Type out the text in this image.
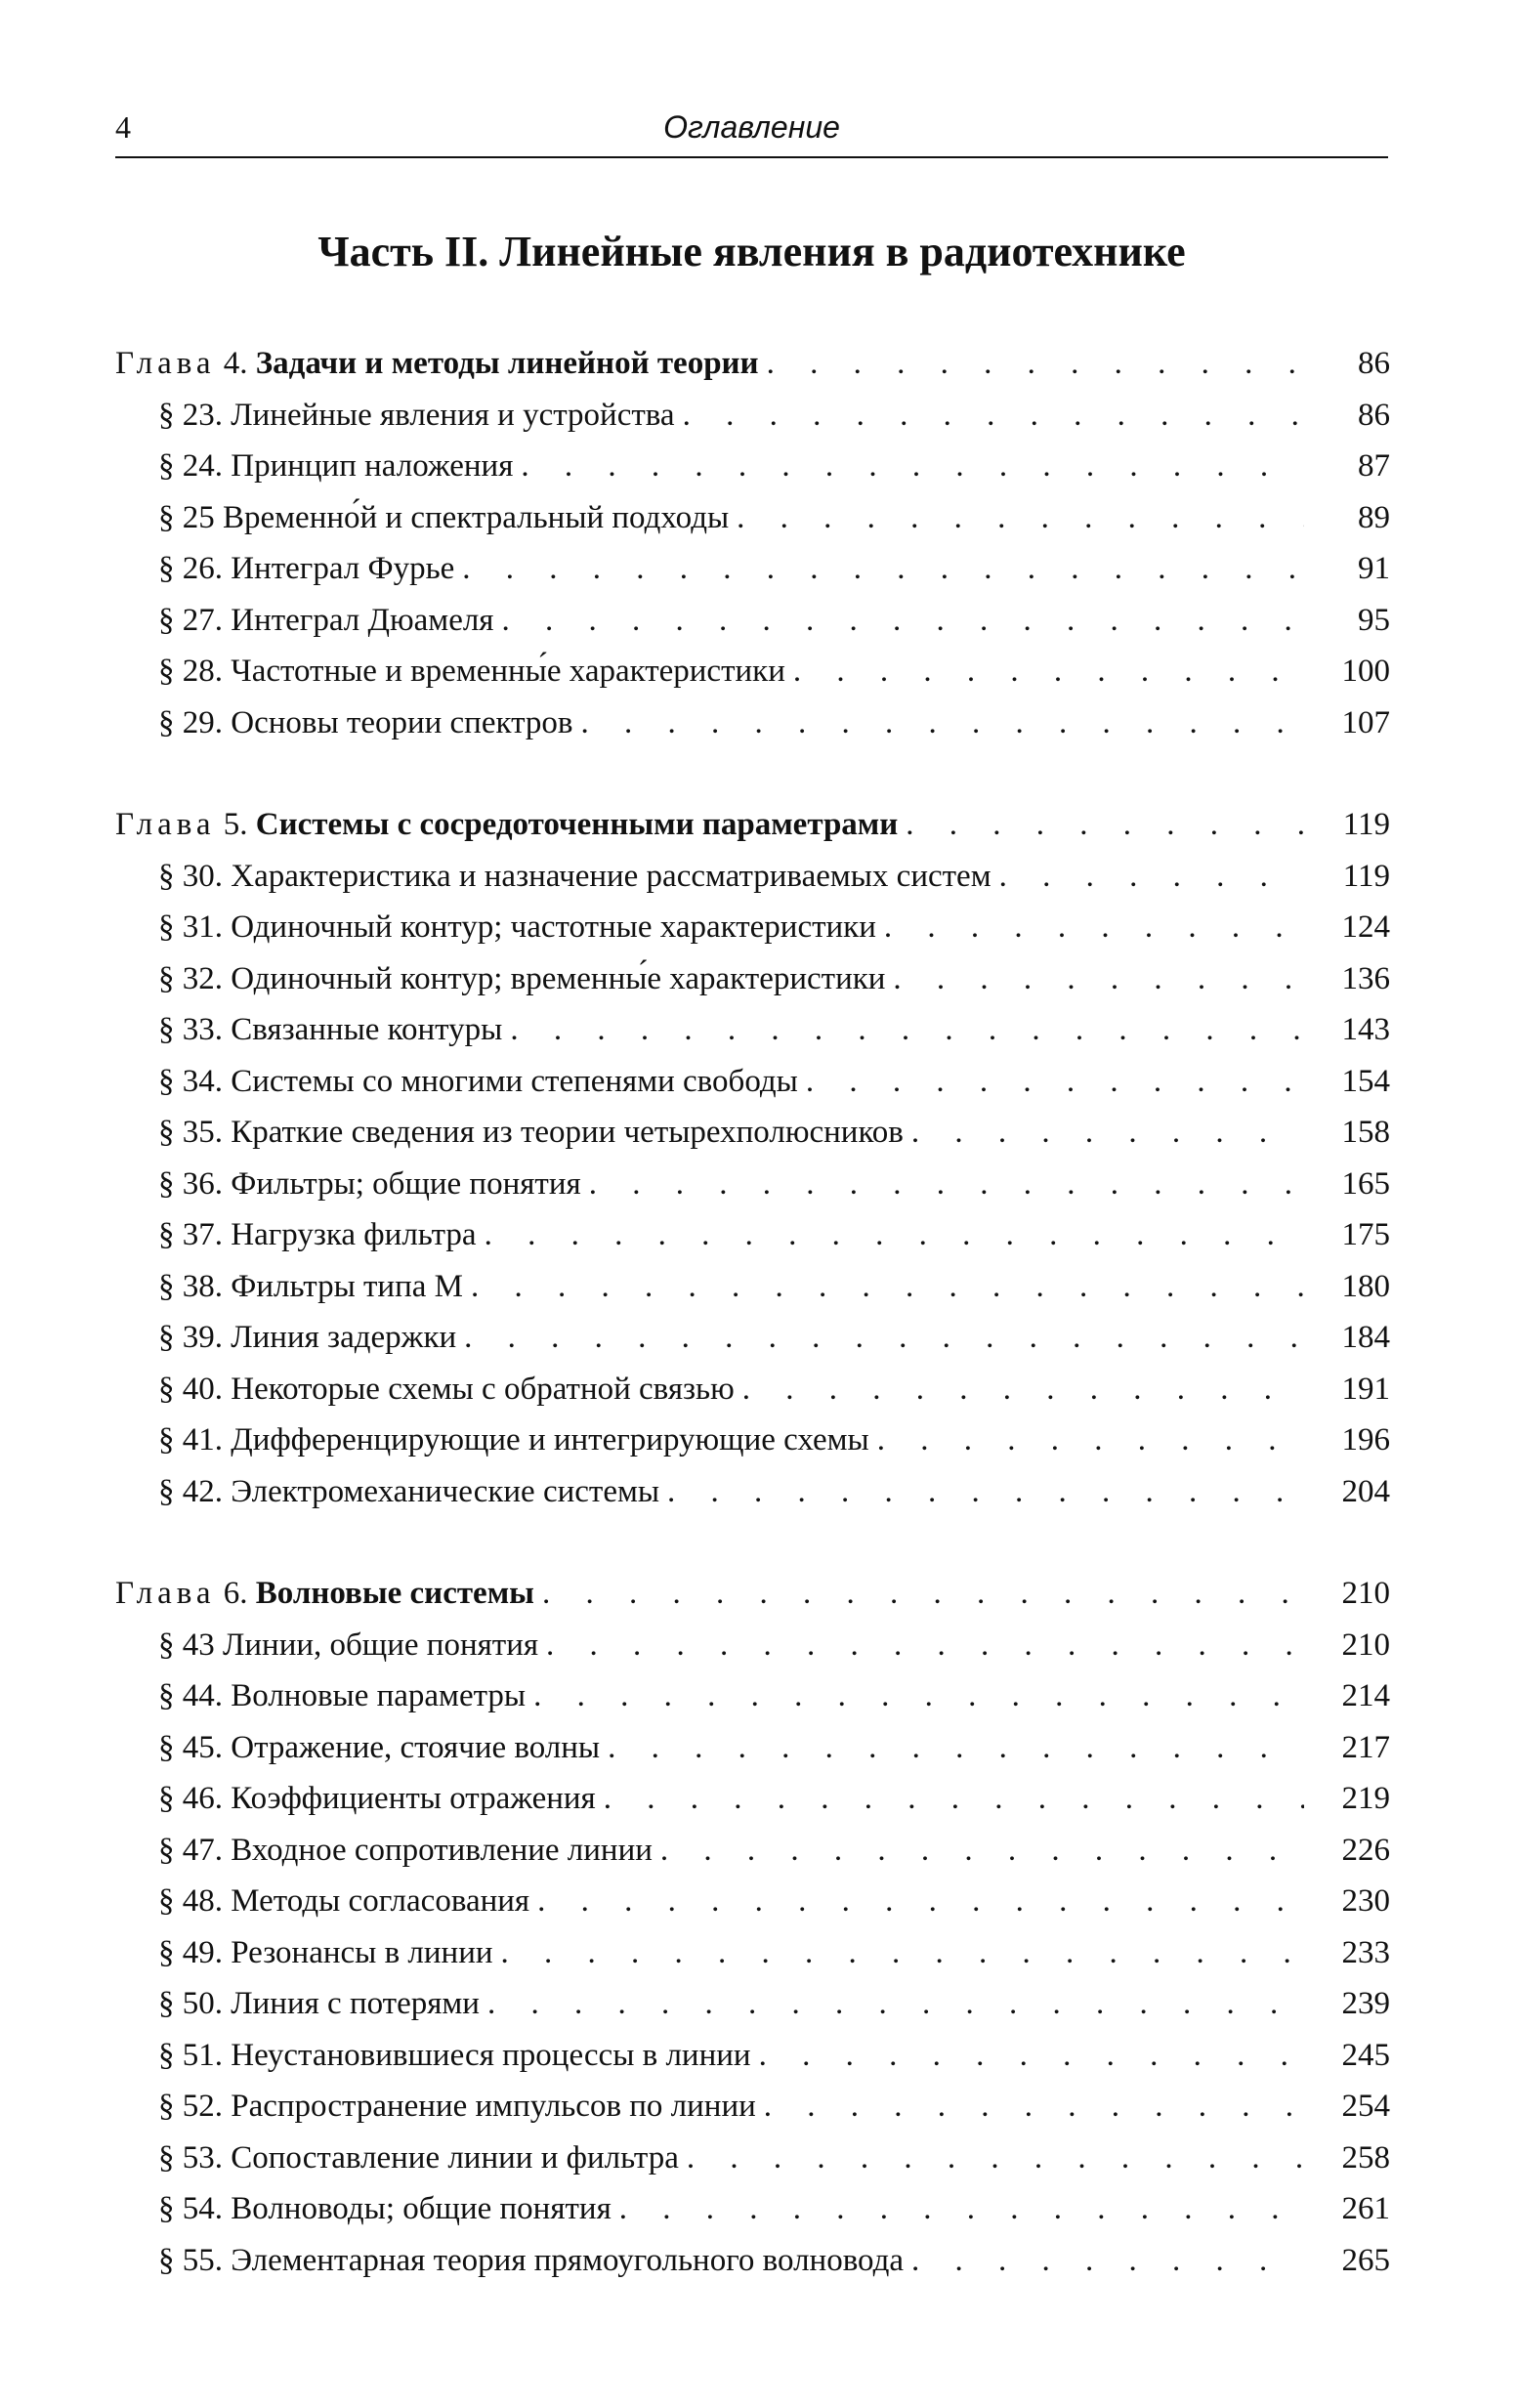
4	Оглавление
Часть II. Линейные явления в радиотехнике
Глава 4. Задачи и методы линейной теории . . .	86
§ 23. Линейные явления и устройства . . .	86
§ 24. Принцип наложения . . .	87
§ 25 Временно́й и спектральный подходы . . .	89
§ 26. Интеграл Фурье . . .	91
§ 27. Интеграл Дюамеля . . .	95
§ 28. Частотные и временны́е характеристики . . .	100
§ 29. Основы теории спектров . . .	107
Глава 5. Системы с сосредоточенными параметрами . . .	119
§ 30. Характеристика и назначение рассматриваемых систем . . .	119
§ 31. Одиночный контур; частотные характеристики . . .	124
§ 32. Одиночный контур; временны́е характеристики . . .	136
§ 33. Связанные контуры . . .	143
§ 34. Системы со многими степенями свободы . . .	154
§ 35. Краткие сведения из теории четырехполюсников . . .	158
§ 36. Фильтры; общие понятия . . .	165
§ 37. Нагрузка фильтра . . .	175
§ 38. Фильтры типа M . . .	180
§ 39. Линия задержки . . .	184
§ 40. Некоторые схемы с обратной связью . . .	191
§ 41. Дифференцирующие и интегрирующие схемы . . .	196
§ 42. Электромеханические системы . . .	204
Глава 6. Волновые системы . . .	210
§ 43 Линии, общие понятия . . .	210
§ 44. Волновые параметры . . .	214
§ 45. Отражение, стоячие волны . . .	217
§ 46. Коэффициенты отражения . . .	219
§ 47. Входное сопротивление линии . . .	226
§ 48. Методы согласования . . .	230
§ 49. Резонансы в линии . . .	233
§ 50. Линия с потерями . . .	239
§ 51. Неустановившиеся процессы в линии . . .	245
§ 52. Распространение импульсов по линии . . .	254
§ 53. Сопоставление линии и фильтра . . .	258
§ 54. Волноводы; общие понятия . . .	261
§ 55. Элементарная теория прямоугольного волновода . . .	265
